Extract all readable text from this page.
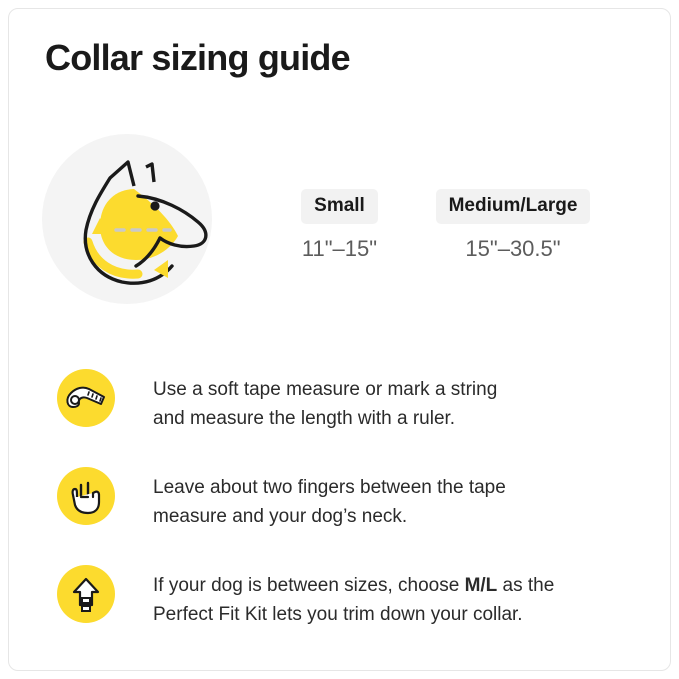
Collar sizing guide
Small
11"–15"
Medium/Large
15"–30.5"
Use a soft tape measure or mark a string
and measure the length with a ruler.
Leave about two fingers between the tape
measure and your dog’s neck.
If your dog is between sizes, choose M/L as the
Perfect Fit Kit lets you trim down your collar.
